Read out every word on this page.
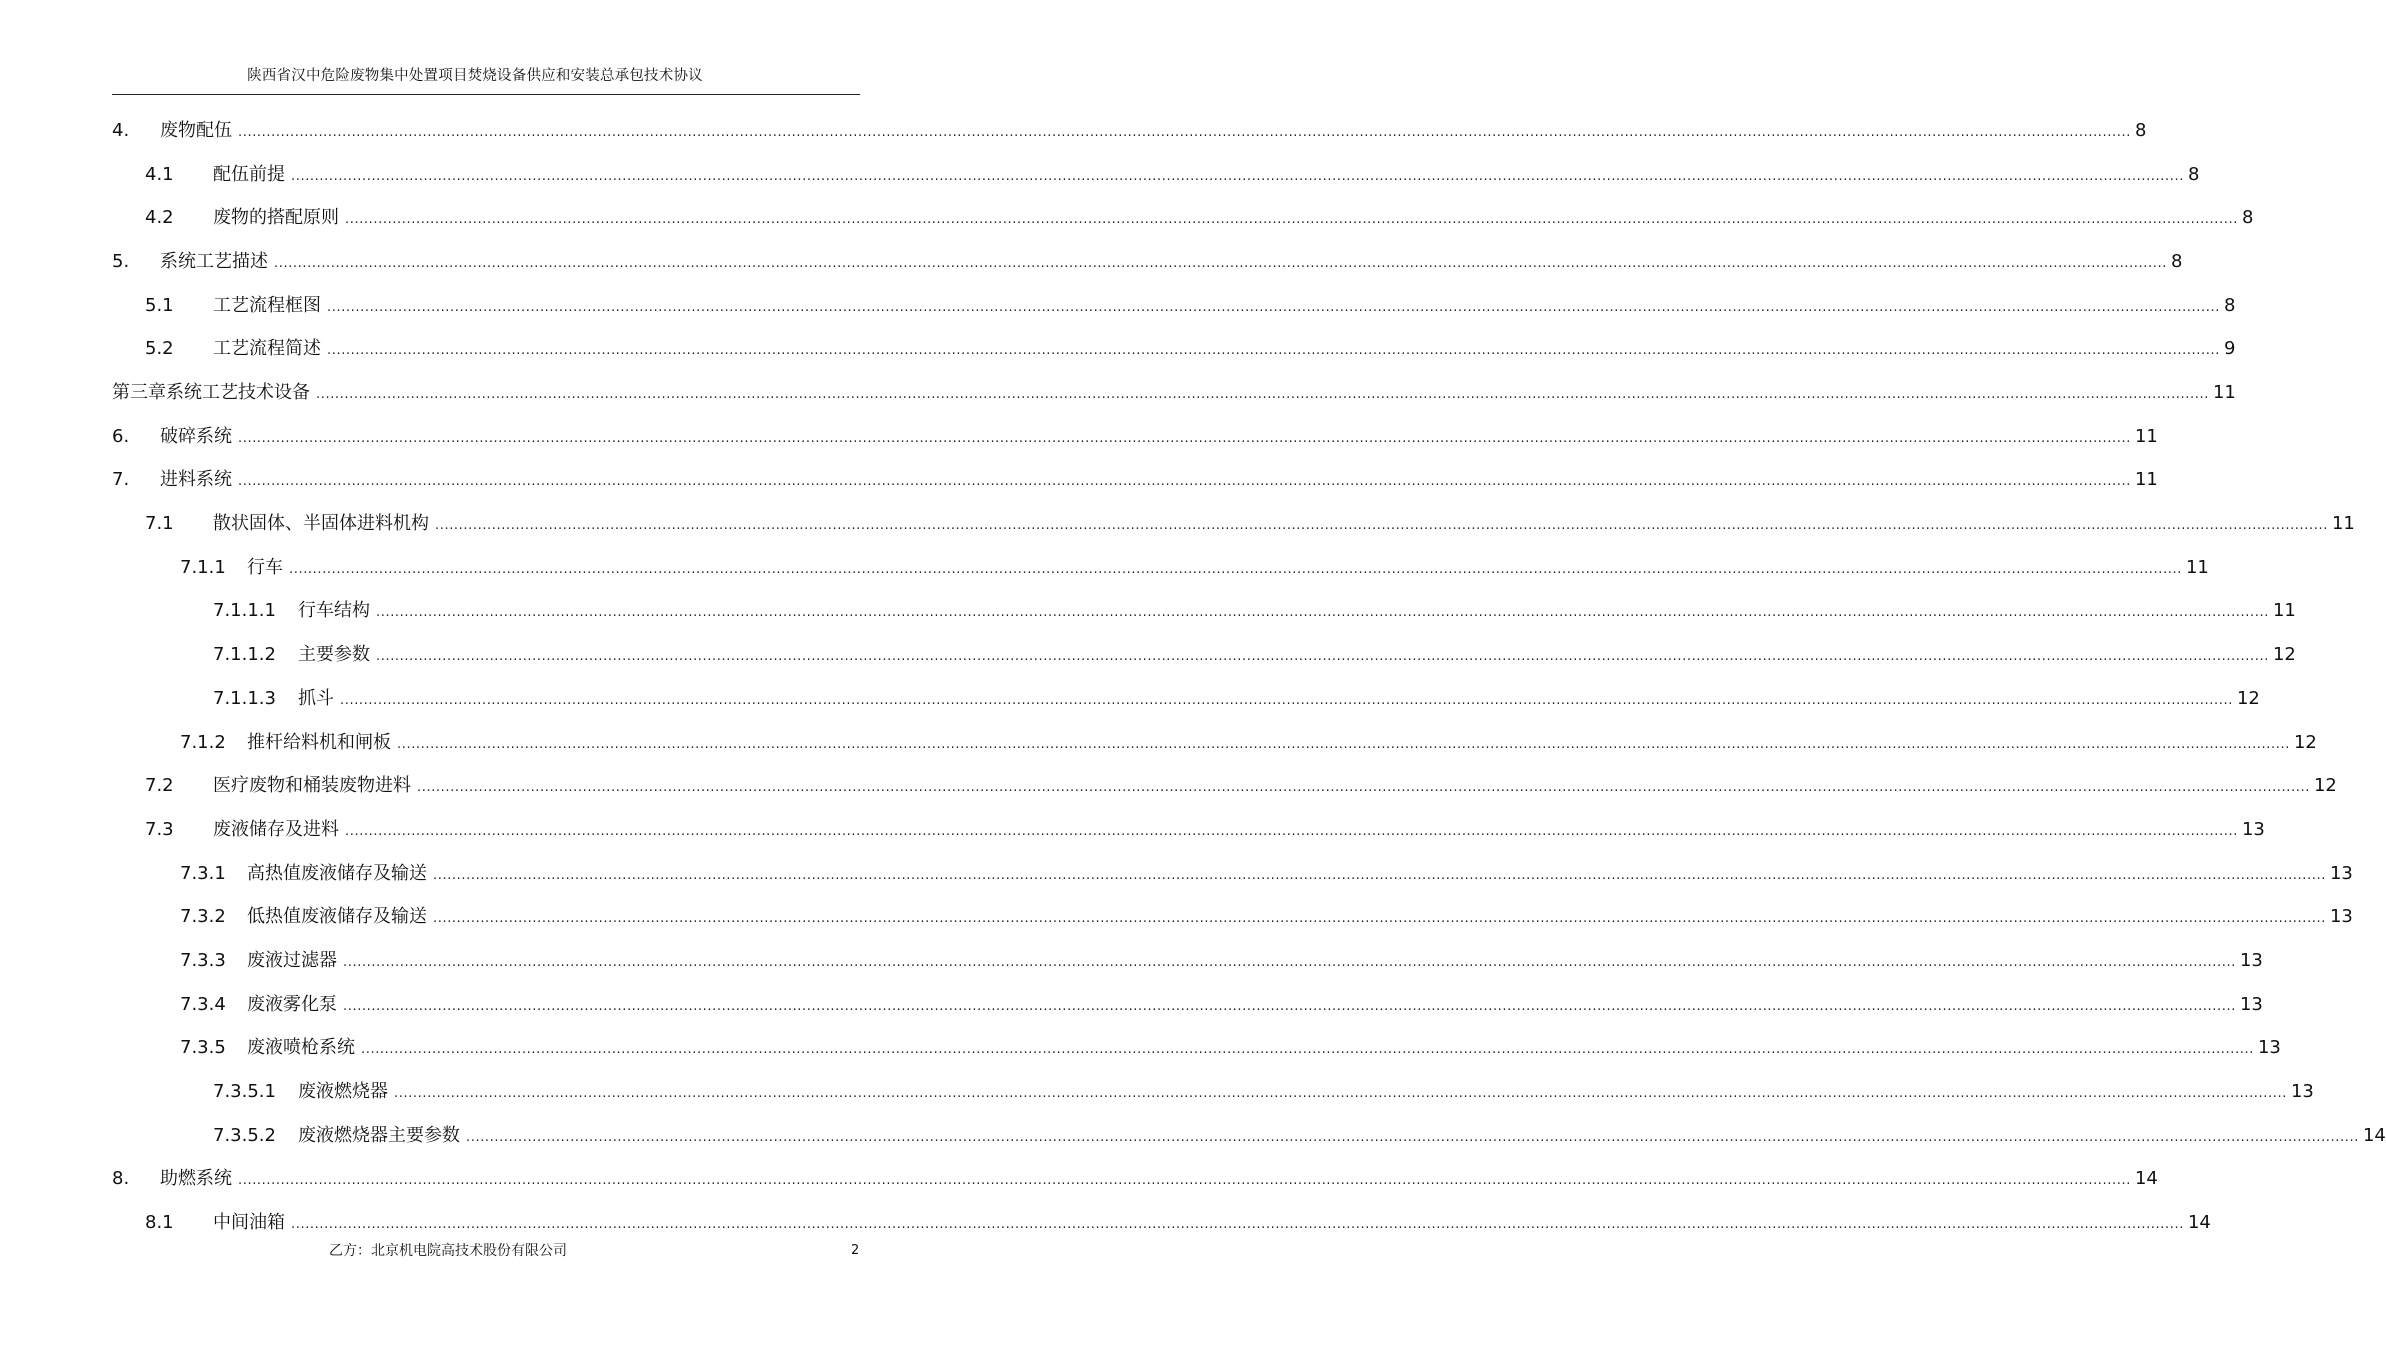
陕西省汉中危险废物集中处置项目焚烧设备供应和安装总承包技术协议
4.	废物配伍 ................................................................................................................................................................................................................................................................................................................................................................................................................ 8
4.1	配伍前提 ................................................................................................................................................................................................................................................................................................................................................................................................................ 8
4.2	废物的搭配原则 ................................................................................................................................................................................................................................................................................................................................................................................................................ 8
5.	系统工艺描述 ................................................................................................................................................................................................................................................................................................................................................................................................................ 8
5.1	工艺流程框图 ................................................................................................................................................................................................................................................................................................................................................................................................................ 8
5.2	工艺流程简述 ................................................................................................................................................................................................................................................................................................................................................................................................................ 9
第三章系统工艺技术设备 ................................................................................................................................................................................................................................................................................................................................................................................................................ 11
6.	破碎系统 ................................................................................................................................................................................................................................................................................................................................................................................................................ 11
7.	进料系统 ................................................................................................................................................................................................................................................................................................................................................................................................................ 11
7.1	散状固体、半固体进料机构 ................................................................................................................................................................................................................................................................................................................................................................................................................ 11
7.1.1	行车 ................................................................................................................................................................................................................................................................................................................................................................................................................ 11
7.1.1.1	行车结构 ................................................................................................................................................................................................................................................................................................................................................................................................................ 11
7.1.1.2	主要参数 ................................................................................................................................................................................................................................................................................................................................................................................................................ 12
7.1.1.3	抓斗 ................................................................................................................................................................................................................................................................................................................................................................................................................ 12
7.1.2	推杆给料机和闸板 ................................................................................................................................................................................................................................................................................................................................................................................................................ 12
7.2	医疗废物和桶装废物进料 ................................................................................................................................................................................................................................................................................................................................................................................................................ 12
7.3	废液储存及进料 ................................................................................................................................................................................................................................................................................................................................................................................................................ 13
7.3.1	高热值废液储存及输送 ................................................................................................................................................................................................................................................................................................................................................................................................................ 13
7.3.2	低热值废液储存及输送 ................................................................................................................................................................................................................................................................................................................................................................................................................ 13
7.3.3	废液过滤器 ................................................................................................................................................................................................................................................................................................................................................................................................................ 13
7.3.4	废液雾化泵 ................................................................................................................................................................................................................................................................................................................................................................................................................ 13
7.3.5	废液喷枪系统 ................................................................................................................................................................................................................................................................................................................................................................................................................ 13
7.3.5.1	废液燃烧器 ................................................................................................................................................................................................................................................................................................................................................................................................................ 13
7.3.5.2	废液燃烧器主要参数 ................................................................................................................................................................................................................................................................................................................................................................................................................ 14
8.	助燃系统 ................................................................................................................................................................................................................................................................................................................................................................................................................ 14
8.1	中间油箱 ................................................................................................................................................................................................................................................................................................................................................................................................................ 14
乙方：北京机电院高技术股份有限公司	2
